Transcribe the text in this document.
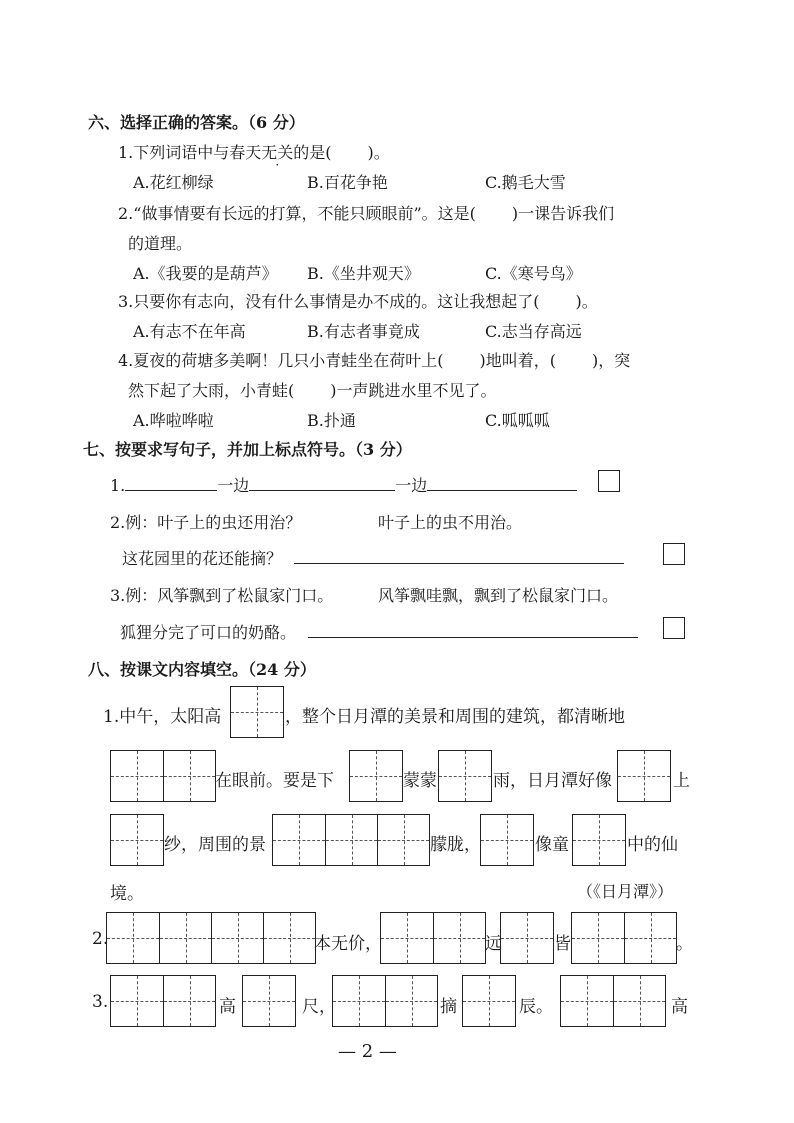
六、选择正确的答案。（6 分）
1.下列词语中与春天无关的是( )。
A.花红柳绿	B.百花争艳	C.鹅毛大雪
2.“做事情要有长远的打算，不能只顾眼前”。这是( )一课告诉我们
的道理。
A.《我要的是葫芦》 B.《坐井观天》	C.《寒号鸟》
3.只要你有志向，没有什么事情是办不成的。这让我想起了( )。
A.有志不在年高	B.有志者事竟成	C.志当存高远
4.夏夜的荷塘多美啊！几只小青蛙坐在荷叶上( )地叫着，( )，突
然下起了大雨，小青蛙( )一声跳进水里不见了。
A.哗啦哗啦	B.扑通	C.呱呱呱
七、按要求写句子，并加上标点符号。（3 分）
1.	一边	一边
2.例：叶子上的虫还用治？	叶子上的虫不用治。
这花园里的花还能摘？
3.例：风筝飘到了松鼠家门口。	风筝飘哇飘，飘到了松鼠家门口。
狐狸分完了可口的奶酪。
八、按课文内容填空。（24 分）
1.中午，太阳高	，整个日月潭的美景和周围的建筑，都清晰地
在眼前。要是下	蒙蒙	雨，日月潭好像	上
纱，周围的景	朦胧，	像童	中的仙
境。	（《日月潭》）
2.	本无价，	远	皆	。
3.	高	尺，	摘	辰。	高
— 2 —
